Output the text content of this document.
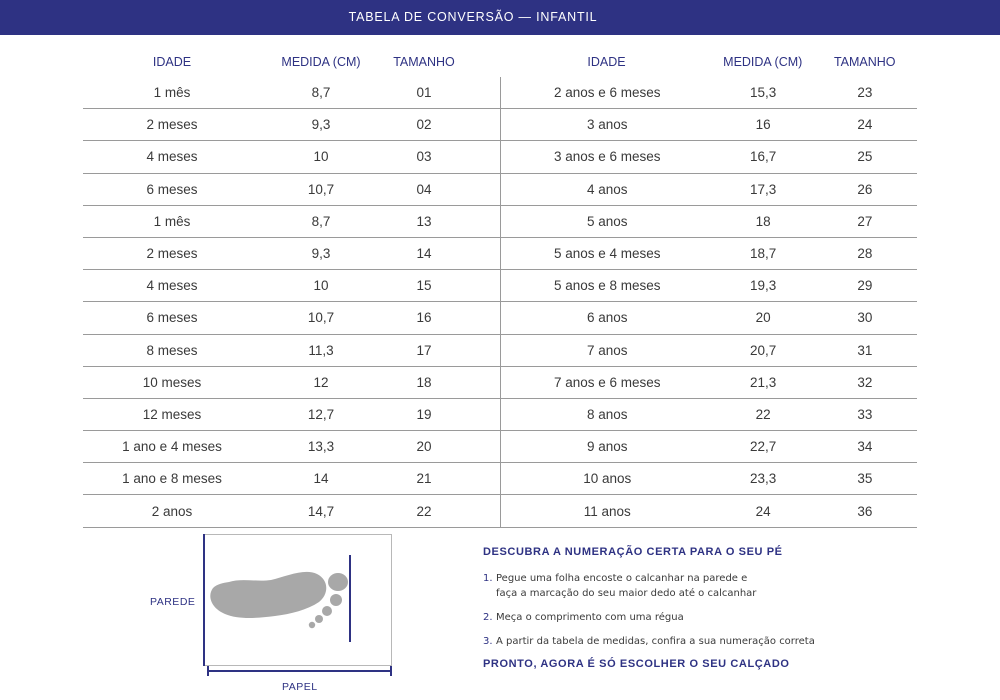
TABELA DE CONVERSÃO — INFANTIL
IDADE	MEDIDA (CM)	TAMANHO
1 mês	8,7	01
2 meses	9,3	02
4 meses	10	03
6 meses	10,7	04
1 mês	8,7	13
2 meses	9,3	14
4 meses	10	15
6 meses	10,7	16
8 meses	11,3	17
10 meses	12	18
12 meses	12,7	19
1 ano e 4 meses	13,3	20
1 ano e 8 meses	14	21
2 anos	14,7	22
IDADE	MEDIDA (CM)	TAMANHO
2 anos e 6 meses	15,3	23
3 anos	16	24
3 anos e 6 meses	16,7	25
4 anos	17,3	26
5 anos	18	27
5 anos e 4 meses	18,7	28
5 anos e 8 meses	19,3	29
6 anos	20	30
7 anos	20,7	31
7 anos e 6 meses	21,3	32
8 anos	22	33
9 anos	22,7	34
10 anos	23,3	35
11 anos	24	36
PAREDE
PAPEL
DESCUBRA A NUMERAÇÃO CERTA PARA O SEU PÉ
1. Pegue uma folha encoste o calcanhar na parede e
faça a marcação do seu maior dedo até o calcanhar
2. Meça o comprimento com uma régua
3. A partir da tabela de medidas, confira a sua numeração correta
PRONTO, AGORA É SÓ ESCOLHER O SEU CALÇADO
